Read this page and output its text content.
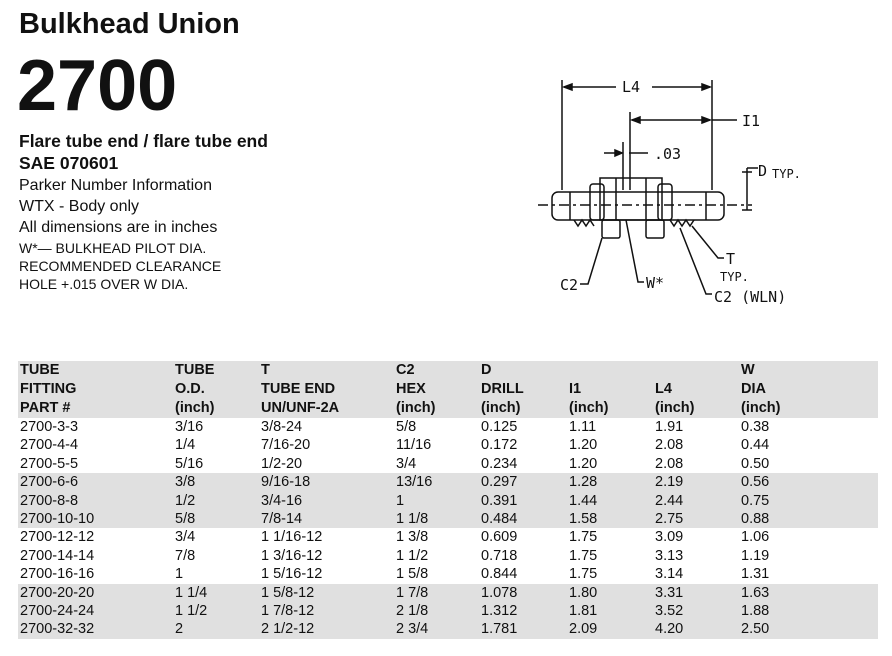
Bulkhead Union
2700
Flare tube end / flare tube end
SAE 070601
Parker Number Information
WTX - Body only
All dimensions are in inches
W*— BULKHEAD PILOT DIA.
RECOMMENDED CLEARANCE
HOLE +.015 OVER W DIA.
L4
I1
.03
D TYP.
T
TYP.
C2	W*
C2 (WLN)
TUBE	TUBE	T	C2	D			W
FITTING	O.D.	TUBE END	HEX	DRILL	I1	L4	DIA
PART #	(inch)	UN/UNF-2A	(inch)	(inch)	(inch)	(inch)	(inch)
2700-3-3	3/16	3/8-24	5/8	0.125	1.11	1.91	0.38
2700-4-4	1/4	7/16-20	11/16	0.172	1.20	2.08	0.44
2700-5-5	5/16	1/2-20	3/4	0.234	1.20	2.08	0.50
2700-6-6	3/8	9/16-18	13/16	0.297	1.28	2.19	0.56
2700-8-8	1/2	3/4-16	1	0.391	1.44	2.44	0.75
2700-10-10	5/8	7/8-14	1 1/8	0.484	1.58	2.75	0.88
2700-12-12	3/4	1 1/16-12	1 3/8	0.609	1.75	3.09	1.06
2700-14-14	7/8	1 3/16-12	1 1/2	0.718	1.75	3.13	1.19
2700-16-16	1	1 5/16-12	1 5/8	0.844	1.75	3.14	1.31
2700-20-20	1 1/4	1 5/8-12	1 7/8	1.078	1.80	3.31	1.63
2700-24-24	1 1/2	1 7/8-12	2 1/8	1.312	1.81	3.52	1.88
2700-32-32	2	2 1/2-12	2 3/4	1.781	2.09	4.20	2.50
